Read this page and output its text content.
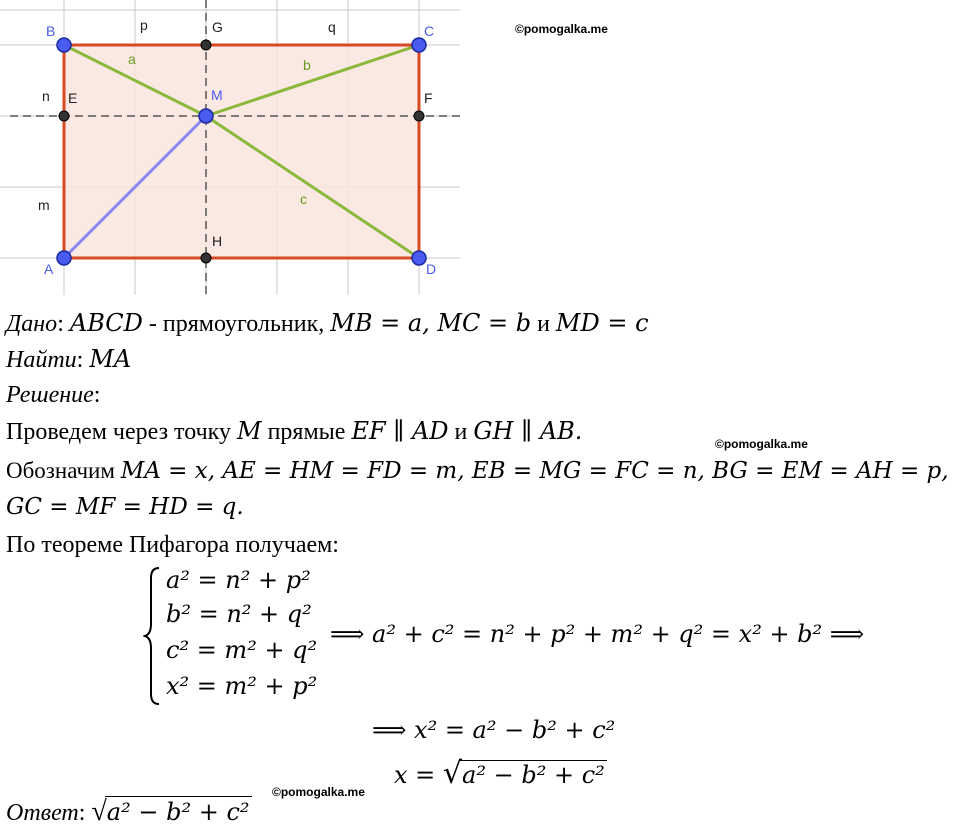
B	C
A	D
M
G
E	F
H
p	q
n
m
a	b
c
©pomogalka.me
©pomogalka.me
©pomogalka.me
Дано: ABCD - прямоугольник, MB = a, MC = b и MD = c
Найти: MA
Решение:
Проведем через точку M прямые EF ∥ AD и GH ∥ AB.
Обозначим MA = x, AE = HM = FD = m, EB = MG = FC = n, BG = EM = AH = p,
GC = MF = HD = q.
По теореме Пифагора получаем:
a² = n² + p²
b² = n² + q²
c² = m² + q²
x² = m² + p²
⟹ a² + c² = n² + p² + m² + q² = x² + b² ⟹
⟹ x² = a² − b² + c²
x = √a² − b² + c²
Ответ: √a² − b² + c²
